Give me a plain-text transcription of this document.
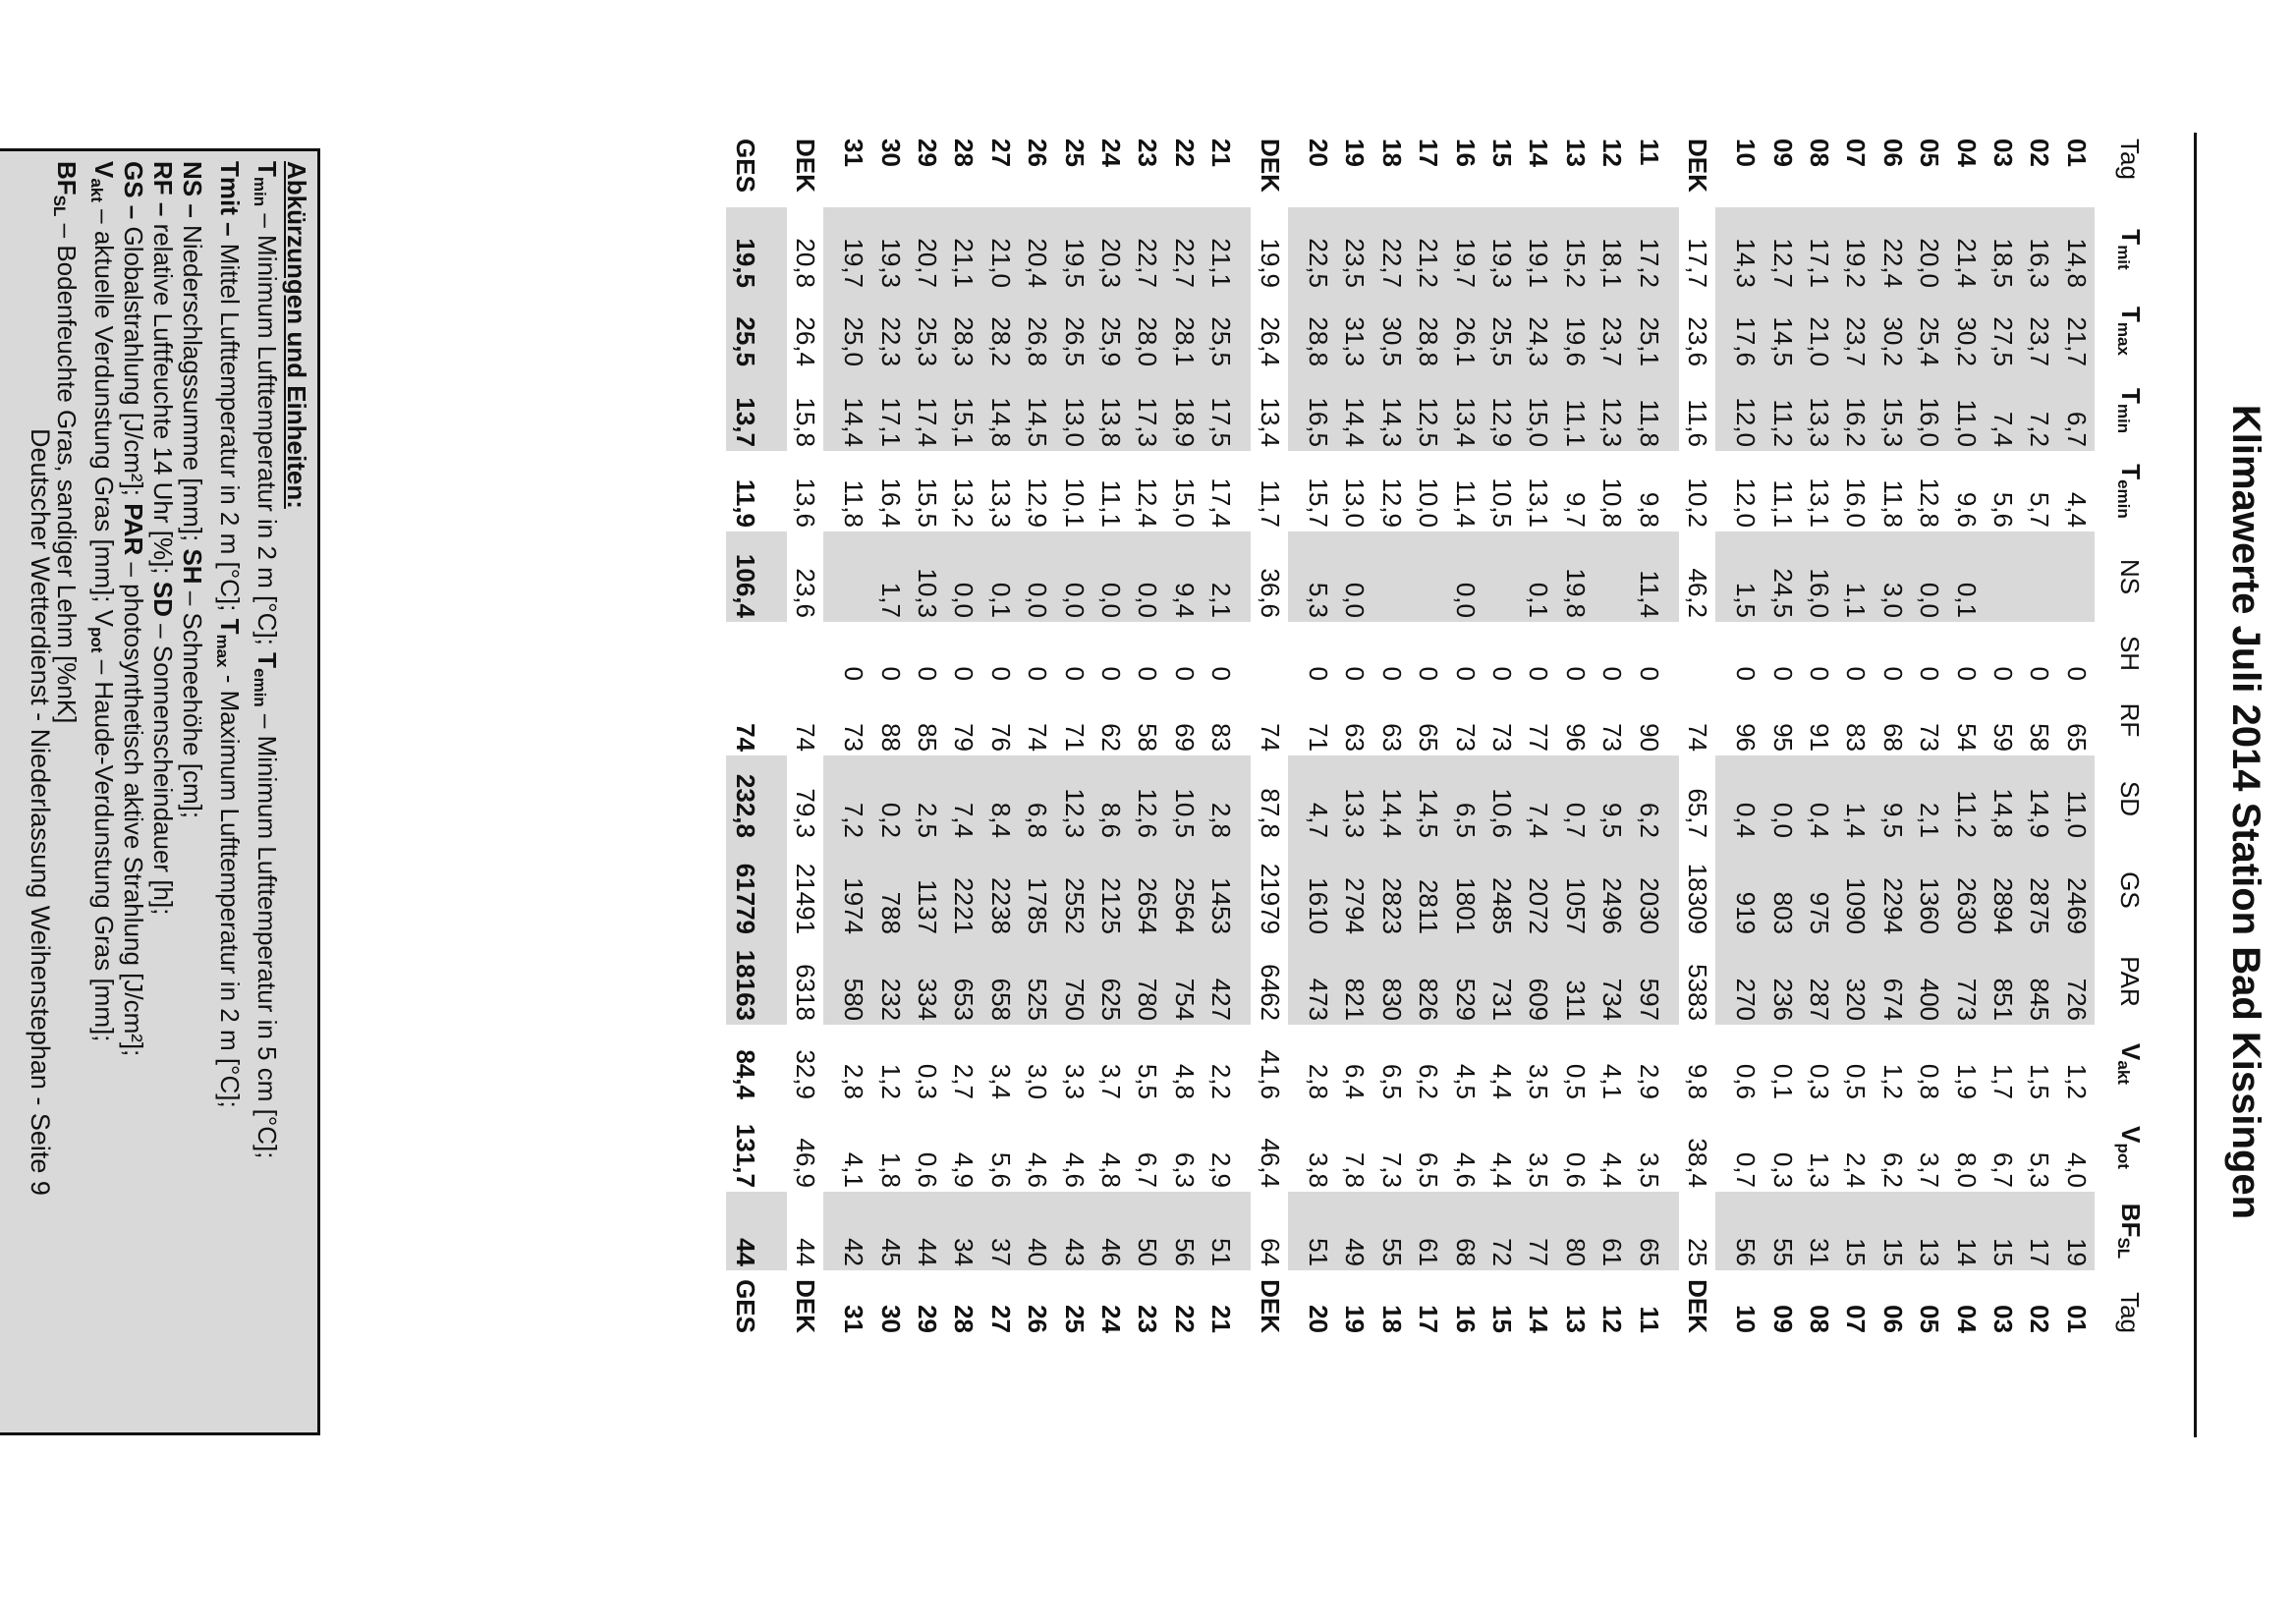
Klimawerte Juli 2014 Station Bad Kissingen
Tag	$T_{mit}$	$T_{max}$	$T_{min}$	$T_{emin}$	NS	SH	RF	SD	GS	PAR	$V_{akt}$	$V_{pot}$	$BF_{SL}$	Tag
01	14,8	21,7	6,7	4,4		0	65	11,0	2469	726	1,2	4,0	19	01
02	16,3	23,7	7,2	5,7		0	58	14,9	2875	845	1,5	5,3	17	02
03	18,5	27,5	7,4	5,6		0	59	14,8	2894	851	1,7	6,7	15	03
04	21,4	30,2	11,0	9,6	0,1	0	54	11,2	2630	773	1,9	8,0	14	04
05	20,0	25,4	16,0	12,8	0,0	0	73	2,1	1360	400	0,8	3,7	13	05
06	22,4	30,2	15,3	11,8	3,0	0	68	9,5	2294	674	1,2	6,2	15	06
07	19,2	23,7	16,2	16,0	1,1	0	83	1,4	1090	320	0,5	2,4	15	07
08	17,1	21,0	13,3	13,1	16,0	0	91	0,4	975	287	0,3	1,3	31	08
09	12,7	14,5	11,2	11,1	24,5	0	95	0,0	803	236	0,1	0,3	55	09
10	14,3	17,6	12,0	12,0	1,5	0	96	0,4	919	270	0,6	0,7	56	10

DEK	17,7	23,6	11,6	10,2	46,2		74	65,7	18309	5383	9,8	38,4	25	DEK

11	17,2	25,1	11,8	9,8	11,4	0	90	6,2	2030	597	2,9	3,5	65	11
12	18,1	23,7	12,3	10,8		0	73	9,5	2496	734	4,1	4,4	61	12
13	15,2	19,6	11,1	9,7	19,8	0	96	0,7	1057	311	0,5	0,6	80	13
14	19,1	24,3	15,0	13,1	0,1	0	77	7,4	2072	609	3,5	3,5	77	14
15	19,3	25,5	12,9	10,5		0	73	10,6	2485	731	4,4	4,4	72	15
16	19,7	26,1	13,4	11,4	0,0	0	73	6,5	1801	529	4,5	4,6	68	16
17	21,2	28,8	12,5	10,0		0	65	14,5	2811	826	6,2	6,5	61	17
18	22,7	30,5	14,3	12,9		0	63	14,4	2823	830	6,5	7,3	55	18
19	23,5	31,3	14,4	13,0	0,0	0	63	13,3	2794	821	6,4	7,8	49	19
20	22,5	28,8	16,5	15,7	5,3	0	71	4,7	1610	473	2,8	3,8	51	20

DEK	19,9	26,4	13,4	11,7	36,6		74	87,8	21979	6462	41,6	46,4	64	DEK

21	21,1	25,5	17,5	17,4	2,1	0	83	2,8	1453	427	2,2	2,9	51	21
22	22,7	28,1	18,9	15,0	9,4	0	69	10,5	2564	754	4,8	6,3	56	22
23	22,7	28,0	17,3	12,4	0,0	0	58	12,6	2654	780	5,5	6,7	50	23
24	20,3	25,9	13,8	11,1	0,0	0	62	8,6	2125	625	3,7	4,8	46	24
25	19,5	26,5	13,0	10,1	0,0	0	71	12,3	2552	750	3,3	4,6	43	25
26	20,4	26,8	14,5	12,9	0,0	0	74	6,8	1785	525	3,0	4,6	40	26
27	21,0	28,2	14,8	13,3	0,1	0	76	8,4	2238	658	3,4	5,6	37	27
28	21,1	28,3	15,1	13,2	0,0	0	79	7,4	2221	653	2,7	4,9	34	28
29	20,7	25,3	17,4	15,5	10,3	0	85	2,5	1137	334	0,3	0,6	44	29
30	19,3	22,3	17,1	16,4	1,7	0	88	0,2	788	232	1,2	1,8	45	30
31	19,7	25,0	14,4	11,8		0	73	7,2	1974	580	2,8	4,1	42	31

DEK	20,8	26,4	15,8	13,6	23,6		74	79,3	21491	6318	32,9	46,9	44	DEK

GES	19,5	25,5	13,7	11,9	106,4		74	232,8	61779	18163	84,4	131,7	44	GES
Abkürzungen und Einheiten:
$T_{min}$ – Minimum Lufttemperatur in 2 m [°C]; $T_{emin}$ – Minimum Lufttemperatur in 5 cm [°C];
Tmit – Mittel Lufttemperatur in 2 m [°C]; $T_{max}$ - Maximum Lufttemperatur in 2 m [°C];
NS – Niederschlagssumme [mm]; SH – Schneehöhe [cm];
RF – relative Luftfeuchte 14 Uhr [%]; SD – Sonnenscheindauer [h];
GS – Globalstrahlung [J/cm²]; PAR – photosynthetisch aktive Strahlung [J/cm²];
$V_{akt}$ – aktuelle Verdunstung Gras [mm]; $V_{pot}$ – Haude-Verdunstung Gras [mm];
$BF_{SL}$ – Bodenfeuchte Gras, sandiger Lehm [%nK]
Deutscher Wetterdienst - Niederlassung Weihenstephan - Seite 9
